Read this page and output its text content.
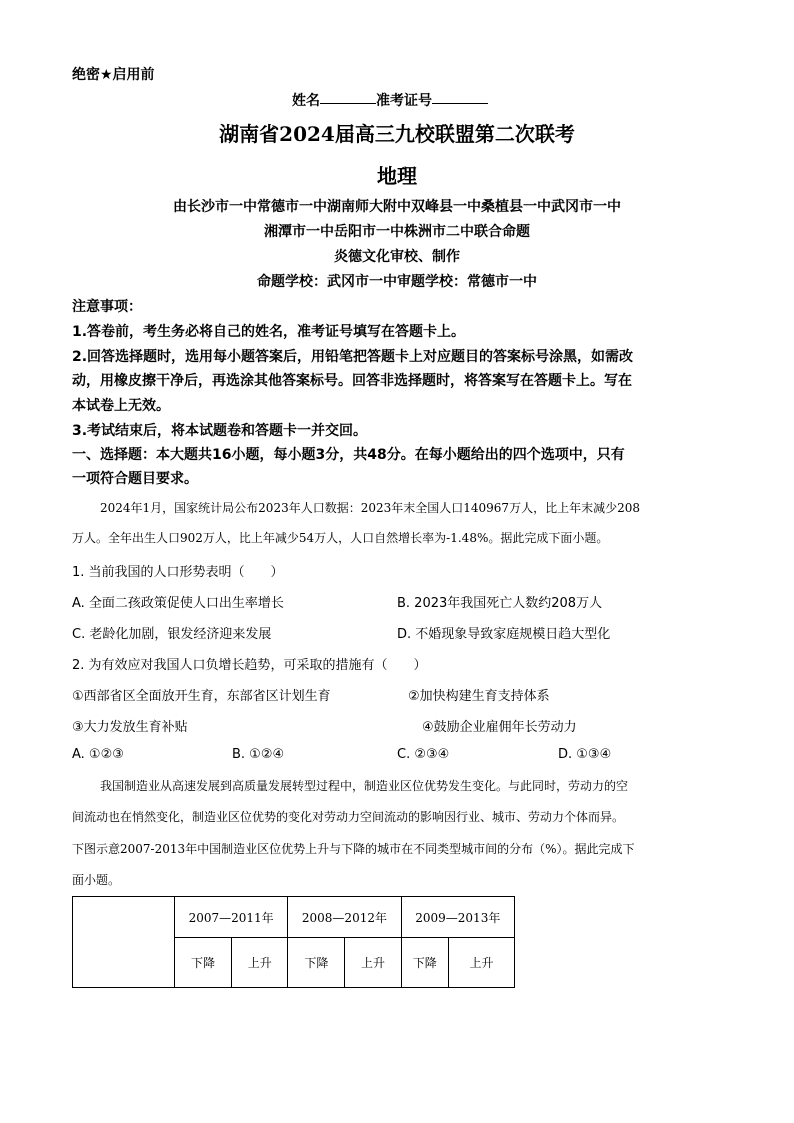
绝密★启用前
姓名	准考证号
湖南省2024届高三九校联盟第二次联考
地理
由长沙市一中常德市一中湖南师大附中双峰县一中桑植县一中武冈市一中
湘潭市一中岳阳市一中株洲市二中联合命题
炎德文化审校、制作
命题学校：武冈市一中审题学校：常德市一中
注意事项：
1.答卷前，考生务必将自己的姓名，准考证号填写在答题卡上。
2.回答选择题时，选用每小题答案后，用铅笔把答题卡上对应题目的答案标号涂黑，如需改
动，用橡皮擦干净后，再选涂其他答案标号。回答非选择题时，将答案写在答题卡上。写在
本试卷上无效。
3.考试结束后，将本试题卷和答题卡一并交回。
一、选择题：本大题共16小题，每小题3分，共48分。在每小题给出的四个选项中，只有
一项符合题目要求。
2024年1月，国家统计局公布2023年人口数据：2023年末全国人口140967万人，比上年末减少208
万人。全年出生人口902万人，比上年减少54万人，人口自然增长率为-1.48%。据此完成下面小题。
1. 当前我国的人口形势表明（　　）
A. 全面二孩政策促使人口出生率增长	B. 2023年我国死亡人数约208万人
C. 老龄化加剧，银发经济迎来发展	D. 不婚现象导致家庭规模日趋大型化
2. 为有效应对我国人口负增长趋势，可采取的措施有（　　）
①西部省区全面放开生育，东部省区计划生育	②加快构建生育支持体系
③大力发放生育补贴	④鼓励企业雇佣年长劳动力
A. ①②③	B. ①②④	C. ②③④	D. ①③④
我国制造业从高速发展到高质量发展转型过程中，制造业区位优势发生变化。与此同时，劳动力的空
间流动也在悄然变化，制造业区位优势的变化对劳动力空间流动的影响因行业、城市、劳动力个体而异。
下图示意2007-2013年中国制造业区位优势上升与下降的城市在不同类型城市间的分布（%）。据此完成下
面小题。
	2007—2011年		2008—2012年		2009—2013年	
	下降	上升	下降	上升	下降	上升
